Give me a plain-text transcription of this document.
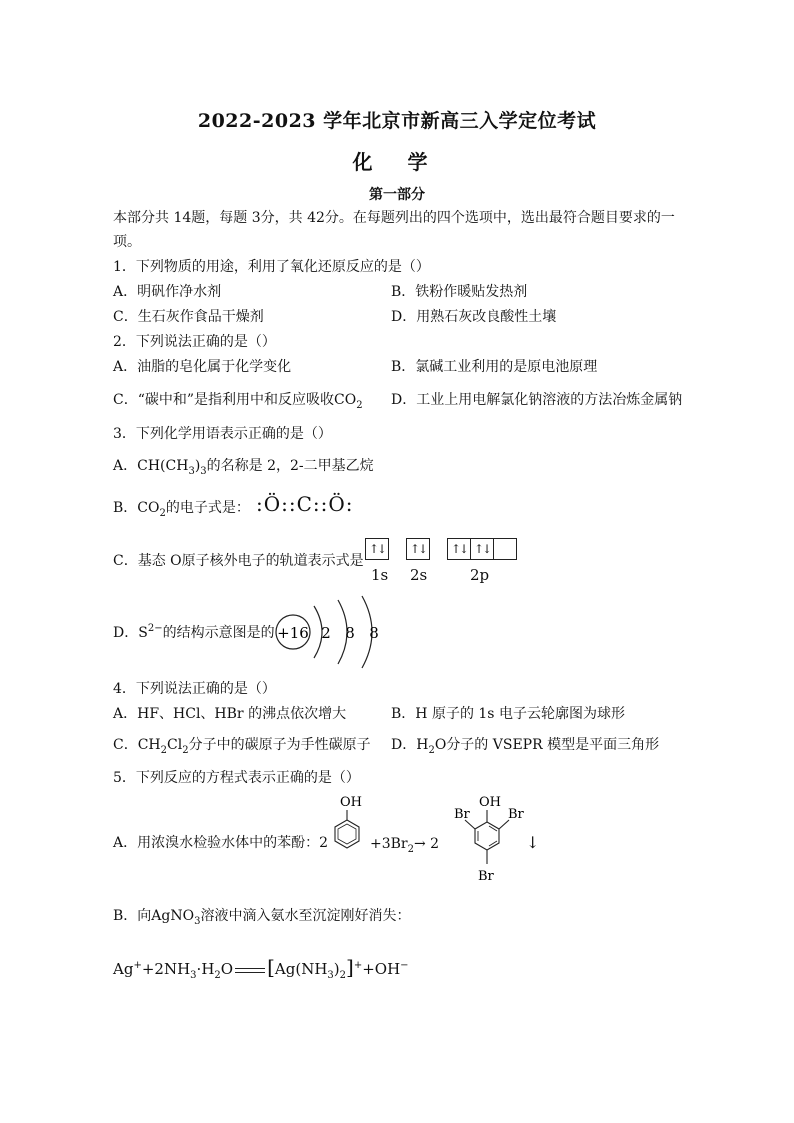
2022-2023 学年北京市新高三入学定位考试
化 学
第一部分
本部分共 14题，每题 3分，共 42分。在每题列出的四个选项中，选出最符合题目要求的一
项。
1．下列物质的用途，利用了氧化还原反应的是（）
A．明矾作净水剂	B．铁粉作暖贴发热剂
C．生石灰作食品干燥剂	D．用熟石灰改良酸性土壤
2．下列说法正确的是（）
A．油脂的皂化属于化学变化	B．氯碱工业利用的是原电池原理
C．“碳中和”是指利用中和反应吸收$CO_2$ D．工业上用电解氯化钠溶液的方法冶炼金属钠
3．下列化学用语表示正确的是（）
A．$CH(CH_3)_3$的名称是 2，2-二甲基乙烷
B．$CO_2$的电子式是： :Ö::C::Ö:
C．基态 O原子核外电子的轨道表示式是
↑↓ ↑↓ ↑↓ ↑↓
1s 2s	2p
D．$S^{2-}$的结构示意图是的 +16 2 8 8
4．下列说法正确的是（）
A．HF、HCl、HBr 的沸点依次增大	B．H 原子的 1s 电子云轮廓图为球形
C．$CH_2Cl_2$分子中的碳原子为手性碳原子 D．$H_2O$分子的 VSEPR 模型是平面三角形
5．下列反应的方程式表示正确的是（）
A．用浓溴水检验水体中的苯酚：2
OH
$+3Br_2\to 2$
OH
Br	Br
Br
↓
B．向AgNO$_3$溶液中滴入氨水至沉淀刚好消失：
$Ag^++2NH_3\cdot H_2O$ $[Ag(NH_3)_2]^++OH^-$
